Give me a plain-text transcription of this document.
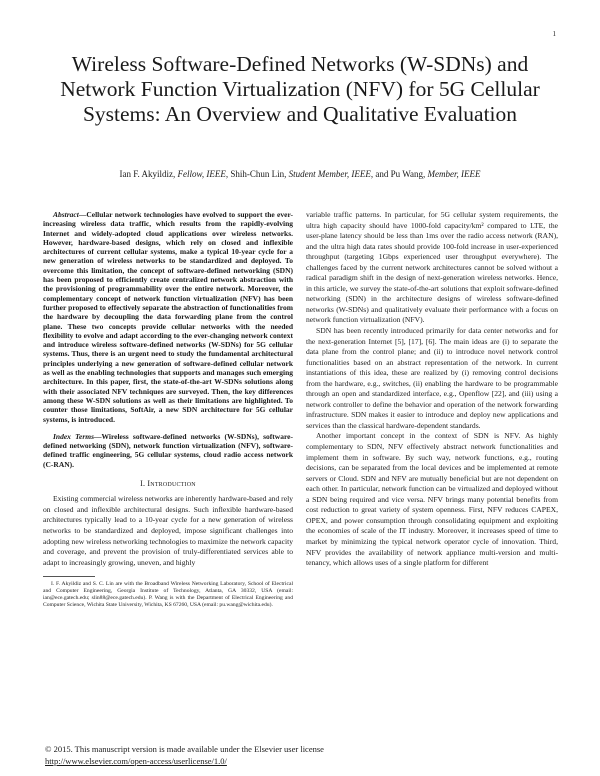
1
Wireless Software-Defined Networks (W-SDNs) and Network Function Virtualization (NFV) for 5G Cellular Systems: An Overview and Qualitative Evaluation
Ian F. Akyildiz, Fellow, IEEE, Shih-Chun Lin, Student Member, IEEE, and Pu Wang, Member, IEEE

Abstract—Cellular network technologies have evolved to support the ever-increasing wireless data traffic, which results from the rapidly-evolving Internet and widely-adopted cloud applications over wireless networks. However, hardware-based designs, which rely on closed and inflexible architectures of current cellular systems, make a typical 10-year cycle for a new generation of wireless networks to be standardized and deployed. To overcome this limitation, the concept of software-defined networking (SDN) has been proposed to efficiently create centralized network abstraction with the provisioning of programmability over the entire network. Moreover, the complementary concept of network function virtualization (NFV) has been further proposed to effectively separate the abstraction of functionalities from the hardware by decoupling the data forwarding plane from the control plane. These two concepts provide cellular networks with the needed flexibility to evolve and adapt according to the ever-changing network context and introduce wireless software-defined networks (W-SDNs) for 5G cellular systems. Thus, there is an urgent need to study the fundamental architectural principles underlying a new generation of software-defined cellular network as well as the enabling technologies that supports and manages such emerging architecture. In this paper, first, the state-of-the-art W-SDNs solutions along with their associated NFV techniques are surveyed. Then, the key differences among these W-SDN solutions as well as their limitations are highlighted. To counter those limitations, SoftAir, a new SDN architecture for 5G cellular systems, is introduced.

Index Terms—Wireless software-defined networks (W-SDNs), software-defined networking (SDN), network function virtualization (NFV), software-defined traffic engineering, 5G cellular systems, cloud radio access network (C-RAN).

I. Introduction

Existing commercial wireless networks are inherently hardware-based and rely on closed and inflexible architectural designs. Such inflexible hardware-based architectures typically lead to a 10-year cycle for a new generation of wireless networks to be standardized and deployed, impose significant challenges into adopting new wireless networking technologies to maximize the network capacity and coverage, and prevent the provision of truly-differentiated services able to adapt to increasingly growing, uneven, and highly

I. F. Akyildiz and S. C. Lin are with the Broadband Wireless Networking Laboratory, School of Electrical and Computer Engineering, Georgia Institute of Technology, Atlanta, GA 30332, USA (email: ian@ece.gatech.edu; slin88@ece.gatech.edu). P. Wang is with the Department of Electrical Engineering and Computer Science, Wichita State University, Wichita, KS 67260, USA (email: pu.wang@wichita.edu).

variable traffic patterns. In particular, for 5G cellular system requirements, the ultra high capacity should have 1000-fold capacity/km² compared to LTE, the user-plane latency should be less than 1ms over the radio access network (RAN), and the ultra high data rates should provide 100-fold increase in user-experienced throughput (targeting 1Gbps experienced user throughput everywhere). The challenges faced by the current network architectures cannot be solved without a radical paradigm shift in the design of next-generation wireless networks. Hence, in this article, we survey the state-of-the-art solutions that exploit software-defined networking (SDN) in the architecture designs of wireless software-defined networks (W-SDNs) and qualitatively evaluate their performance with a focus on network function virtualization (NFV).

SDN has been recently introduced primarily for data center networks and for the next-generation Internet [5], [17], [6]. The main ideas are (i) to separate the data plane from the control plane; and (ii) to introduce novel network control functionalities based on an abstract representation of the network. In current instantiations of this idea, these are realized by (i) removing control decisions from the hardware, e.g., switches, (ii) enabling the hardware to be programmable through an open and standardized interface, e.g., Openflow [22], and (iii) using a network controller to define the behavior and operation of the network forwarding infrastructure. SDN makes it easier to introduce and deploy new applications and services than the classical hardware-dependent standards.

Another important concept in the context of SDN is NFV. As highly complementary to SDN, NFV effectively abstract network functionalities and implement them in software. By such way, network functions, e.g., routing decisions, can be separated from the local devices and be implemented at remote servers or Cloud. SDN and NFV are mutually beneficial but are not dependent on each other. In particular, network function can be virtualized and deployed without a SDN being required and vice versa. NFV brings many potential benefits from cost reduction to great variety of system openness. First, NFV reduces CAPEX, OPEX, and power consumption through consolidating equipment and exploiting the economies of scale of the IT industry. Moreover, it increases speed of time to market by minimizing the typical network operator cycle of innovation. Third, NFV provides the availability of network appliance multi-version and multi-tenancy, which allows uses of a single platform for different

© 2015. This manuscript version is made available under the Elsevier user license
http://www.elsevier.com/open-access/userlicense/1.0/
